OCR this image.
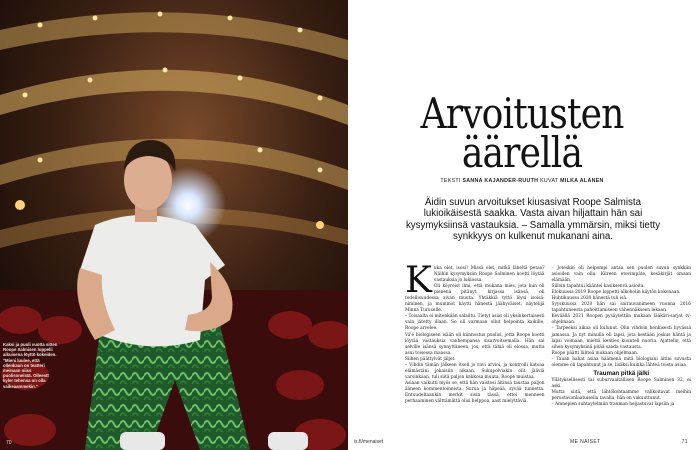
Kaksi ja puoli vuotta sitten Roope Salmisen loppelii aikuisena löyttö kokeiden. "Mieni luulee, että ollenkaan on teatteri meinaan niiss puolisoneistä. Olleestt kyler tehensa on olla vaikeaammekin."
70
Arvoitusten
äärellä
TEKSTI SANNA KAJANDER-RUUTH KUVAT MILKA ALANEN
Äidin suvun arvoitukset kiusasivat Roope Salmista lukioikäisestä saakka. Vasta aivan hiljattain hän sai kysymyksiinsä vastauksia. – Samalla ymmärsin, miksi tietty synkkyys on kulkenut mukanani aina.
K uka olet, isosi? Missä olet, mitkä läheltä petaa? Näihin kysymyksiin Roope Salminen koetti löytää vastauksia jo lukiossa.

Oli köyreist ilmi, että mukana mies, jota kun oli pienenä pitänyt, kirjassa isänsä, oli todellisuudessa aivan muuta. Yhtäkkiä tyttö löysi isoisä-niminen, ja mummot käytti hänestä jäähyväiset, näytelijä Minna Turuselle.

– Toisaalta ei mitenkään salailtu. Tietyt asiat oli yksinkertaisesti vain jätetty illaan. Se oli varmaan ollut helpointa kaikille, Roope arvelee.

Vä'é biologiseen isään oli kiinnostus puolisi, jotta Roope koetti löytää vastauksia vanhempansa sisarvoitsemalla. Hän sai selville isänsä synnyttäneen, jos, että tämä oli elossa, mutta asui toisessa maassa.

Siihen päättyivät jäljet.

– Vihdin tämän jälkeen itsell jo ravi arvioi, ja kontrolli katoaa elämästäni jokaisiin aikaan. Sukupolviakin olit jääviä varsinkaan, tuli siitä paljon kakkosa muuta, Roope muistaa.

Asiaan vaikutti myös se, että hän vaistosi äitinsä taustaa paljon ääneen kommentoinnista. Surua ja häpeää, syvää tunnetta. Entuudeltaankin merkit sisin tässä, ettei menneen perhaaminen välttämättä olisi helppoa, aast mielyttäviä.

– Joteskin oli helpompi antaa sen puolen suvun synkkiin asioiden vain olla. Kiireen etevimpäte, kesäkirjät omaan elämään.

Silloin tapahtui kääntei kasiksenvä asioita.

Elokuussa 2019 Roope loppetti alkoholin käytön kokonaan.

Huhtikuussa 2020 hänestä tuli isä.

Syyskuussa 2020 hän sai sairauvanimeen vuonna 2016 tapahtuneesta pahoittamiseen vähennäkseen lekaan.

Keväällä 2021 Roopen pysäytettiin mukaan lääkäri-sarjat tv-ohjelmaan.

– Tarpeeksi aikaa oli kulunut. Olin vihdoin henkisesti hyvässä jamassa. Ja nyt minulla oli lapsi, jota kestään joskus häntä ja lapsi voimaan, miettä kenties kuunteli nuoria. Ajattelin, että sihen kysymyksinä pitää saada vastausta.

Roope päätti lähteä mukaan ohjelmaan.

– Tauan hahat asiaa häämenä mitä biologiani äitini suvusta olemme oli tapahtunut ja se, lisäksi kuinka lähteä toista asiaa.

Trauman pitkä jälki

Yllätyksellisesti tai suburvaaltallisen Roope Salminen 32, ei aski.

Mutta siitä, että lähtökohtaamme valikoitavat meihin perustavanlaatuisella tavalla, hän on vakuuttunut.

– Amnepien suhtaytelmiin trauman heijastuvat lapsiin ja

is.fi/menaiset	ME NAISET	71
